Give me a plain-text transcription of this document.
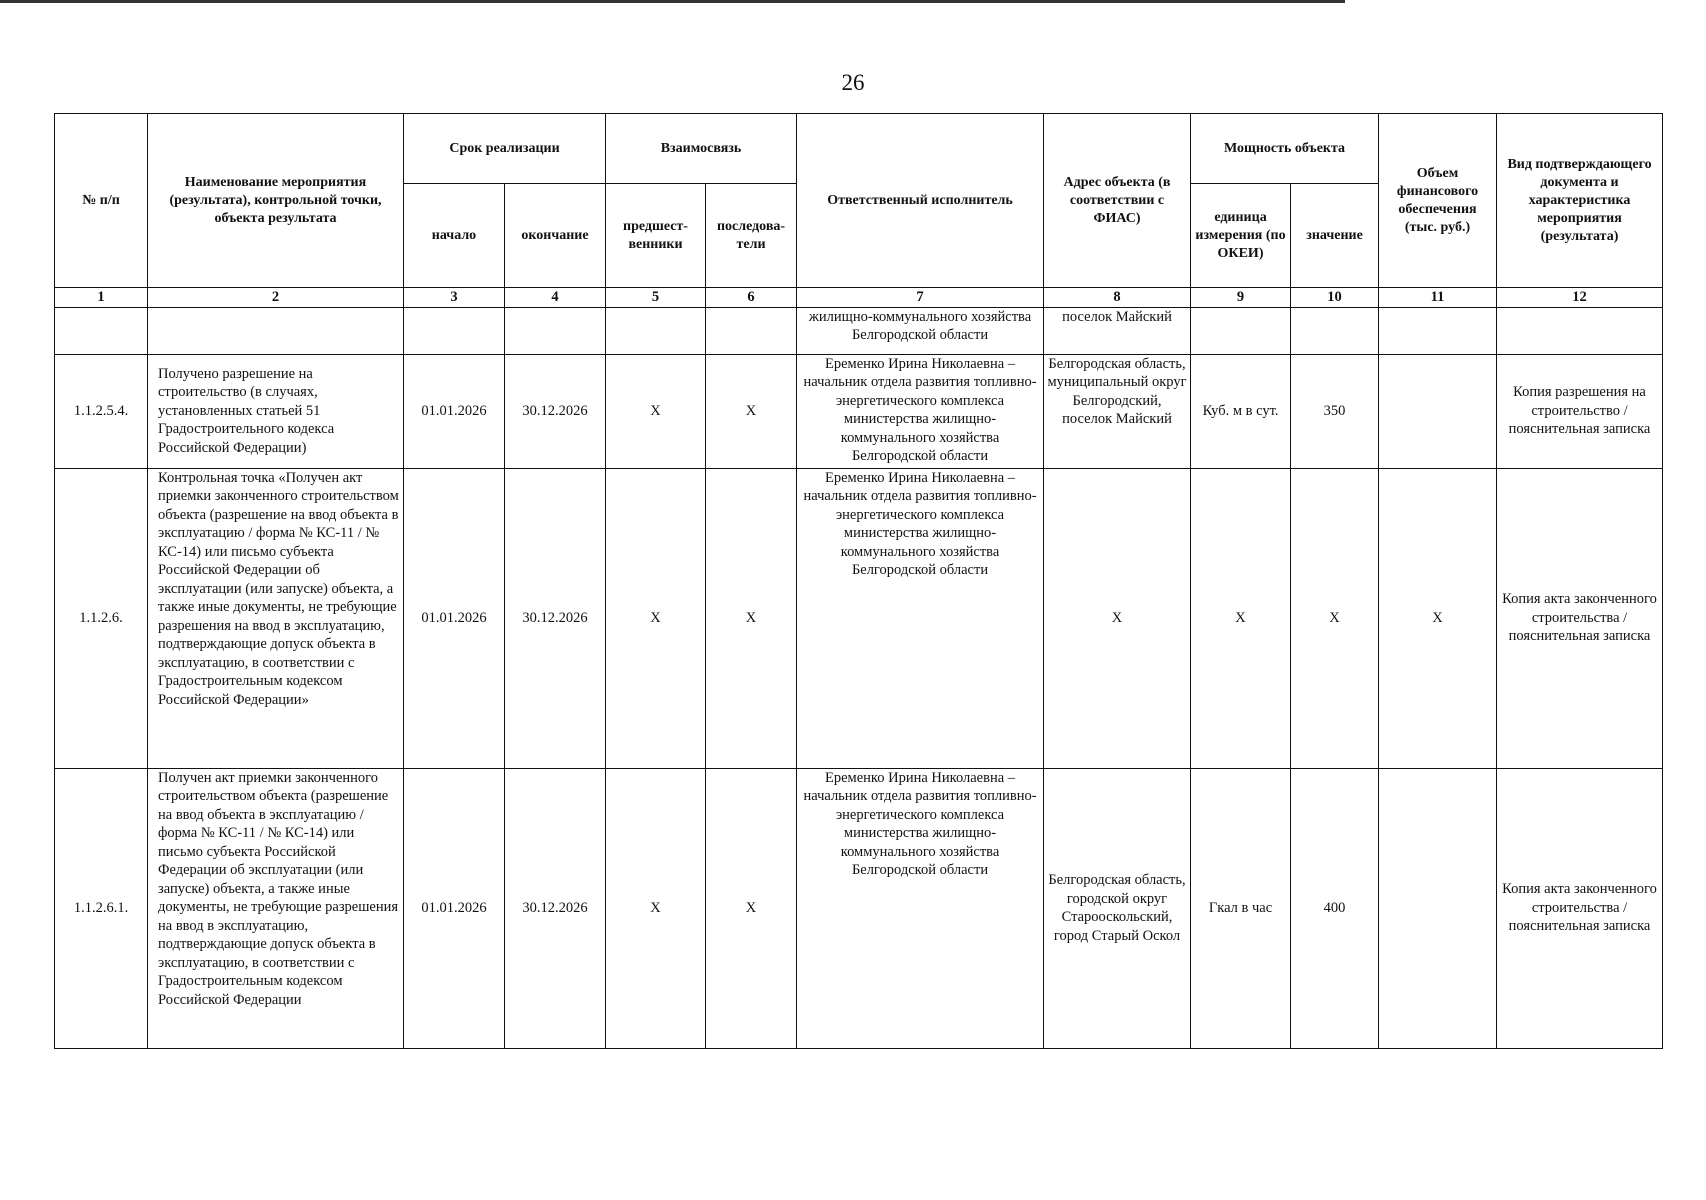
26
№ п/п	Наименование мероприятия (результата), контрольной точки, объекта результата	Срок реализации		Взаимосвязь		Ответственный исполнитель	Адрес объекта (в соответствии с ФИАС)	Мощность объекта		Объем финансового обеспечения (тыс. руб.)	Вид подтверждающего документа и характеристика мероприятия (результата)
		начало	окончание	предшест-венники	последова-тели			единица измерения (по ОКЕИ)	значение		
1	2	3	4	5	6	7	8	9	10	11	12
						жилищно-коммунального хозяйства Белгородской области	поселок Майский				
1.1.2.5.4.	Получено разрешение на строительство (в случаях, установленных статьей 51 Градостроительного кодекса Российской Федерации)	01.01.2026	30.12.2026	X	X	Еременко Ирина Николаевна – начальник отдела развития топливно-энергетического комплекса министерства жилищно-коммунального хозяйства Белгородской области	Белгородская область, муниципальный округ Белгородский, поселок Майский	Куб. м в сут.	350		Копия разрешения на строительство / пояснительная записка
1.1.2.6.	Контрольная точка «Получен акт приемки законченного строительством объекта (разрешение на ввод объекта в эксплуатацию / форма № КС-11 / № КС-14) или письмо субъекта Российской Федерации об эксплуатации (или запуске) объекта, а также иные документы, не требующие разрешения на ввод в эксплуатацию, подтверждающие допуск объекта в эксплуатацию, в соответствии с Градостроительным кодексом Российской Федерации»	01.01.2026	30.12.2026	X	X	Еременко Ирина Николаевна – начальник отдела развития топливно-энергетического комплекса министерства жилищно-коммунального хозяйства Белгородской области	X	X	X	X	Копия акта законченного строительства / пояснительная записка
1.1.2.6.1.	Получен акт приемки законченного строительством объекта (разрешение на ввод объекта в эксплуатацию / форма № КС-11 / № КС-14) или письмо субъекта Российской Федерации об эксплуатации (или запуске) объекта, а также иные документы, не требующие разрешения на ввод в эксплуатацию, подтверждающие допуск объекта в эксплуатацию, в соответствии с Градостроительным кодексом Российской Федерации	01.01.2026	30.12.2026	X	X	Еременко Ирина Николаевна – начальник отдела развития топливно-энергетического комплекса министерства жилищно-коммунального хозяйства Белгородской области	Белгородская область, городской округ Старооскольский, город Старый Оскол	Гкал в час	400		Копия акта законченного строительства / пояснительная записка
